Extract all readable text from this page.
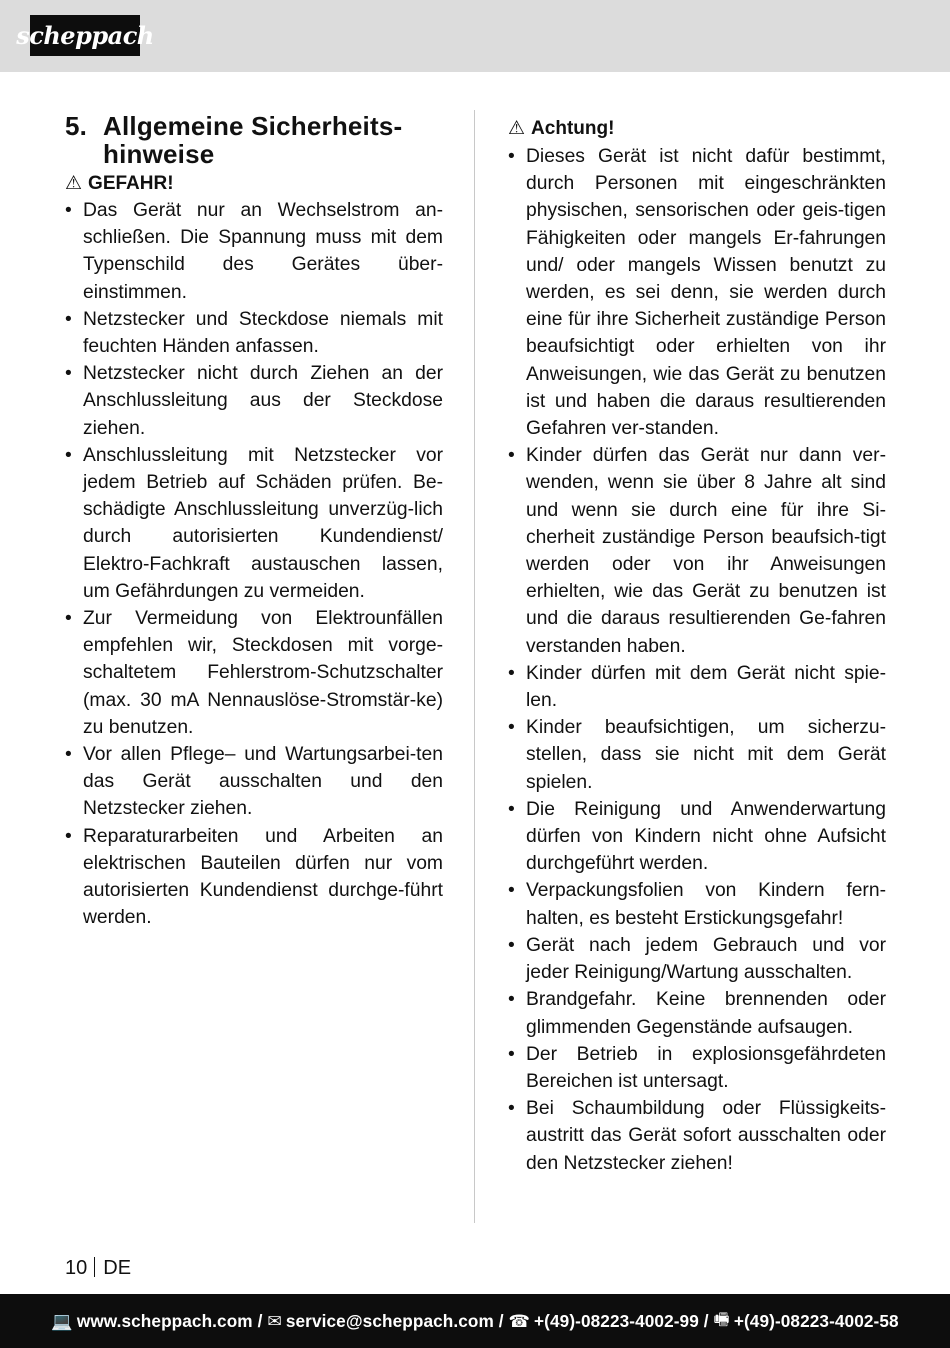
scheppach
5. Allgemeine Sicherheits-
hinweise
⚠ GEFAHR!
• Das Gerät nur an Wechselstrom an-schließen. Die Spannung muss mit dem Typenschild des Gerätes über-einstimmen.
• Netzstecker und Steckdose niemals mit feuchten Händen anfassen.
• Netzstecker nicht durch Ziehen an der Anschlussleitung aus der Steckdose ziehen.
• Anschlussleitung mit Netzstecker vor jedem Betrieb auf Schäden prüfen. Be-schädigte Anschlussleitung unverzüg-lich durch autorisierten Kundendienst/ Elektro-Fachkraft austauschen lassen, um Gefährdungen zu vermeiden.
• Zur Vermeidung von Elektrounfällen empfehlen wir, Steckdosen mit vorge-schaltetem Fehlerstrom-Schutzschalter (max. 30 mA Nennauslöse-Stromstär-ke) zu benutzen.
• Vor allen Pflege– und Wartungsarbei-ten das Gerät ausschalten und den Netzstecker ziehen.
• Reparaturarbeiten und Arbeiten an elektrischen Bauteilen dürfen nur vom autorisierten Kundendienst durchge-führt werden.
⚠ Achtung!
• Dieses Gerät ist nicht dafür bestimmt, durch Personen mit eingeschränkten physischen, sensorischen oder geis-tigen Fähigkeiten oder mangels Er-fahrungen und/ oder mangels Wissen benutzt zu werden, es sei denn, sie werden durch eine für ihre Sicherheit zuständige Person beaufsichtigt oder erhielten von ihr Anweisungen, wie das Gerät zu benutzen ist und haben die daraus resultierenden Gefahren ver-standen.
• Kinder dürfen das Gerät nur dann ver-wenden, wenn sie über 8 Jahre alt sind und wenn sie durch eine für ihre Si-cherheit zuständige Person beaufsich-tigt werden oder von ihr Anweisungen erhielten, wie das Gerät zu benutzen ist und die daraus resultierenden Ge-fahren verstanden haben.
• Kinder dürfen mit dem Gerät nicht spie-len.
• Kinder beaufsichtigen, um sicherzu-stellen, dass sie nicht mit dem Gerät spielen.
• Die Reinigung und Anwenderwartung dürfen von Kindern nicht ohne Aufsicht durchgeführt werden.
• Verpackungsfolien von Kindern fern-halten, es besteht Erstickungsgefahr!
• Gerät nach jedem Gebrauch und vor jeder Reinigung/Wartung ausschalten.
• Brandgefahr. Keine brennenden oder glimmenden Gegenstände aufsaugen.
• Der Betrieb in explosionsgefährdeten Bereichen ist untersagt.
• Bei Schaumbildung oder Flüssigkeits-austritt das Gerät sofort ausschalten oder den Netzstecker ziehen!
10 DE
💻 www.scheppach.com / ✉ service@scheppach.com / ☎ +(49)-08223-4002-99 / 🖷 +(49)-08223-4002-58
